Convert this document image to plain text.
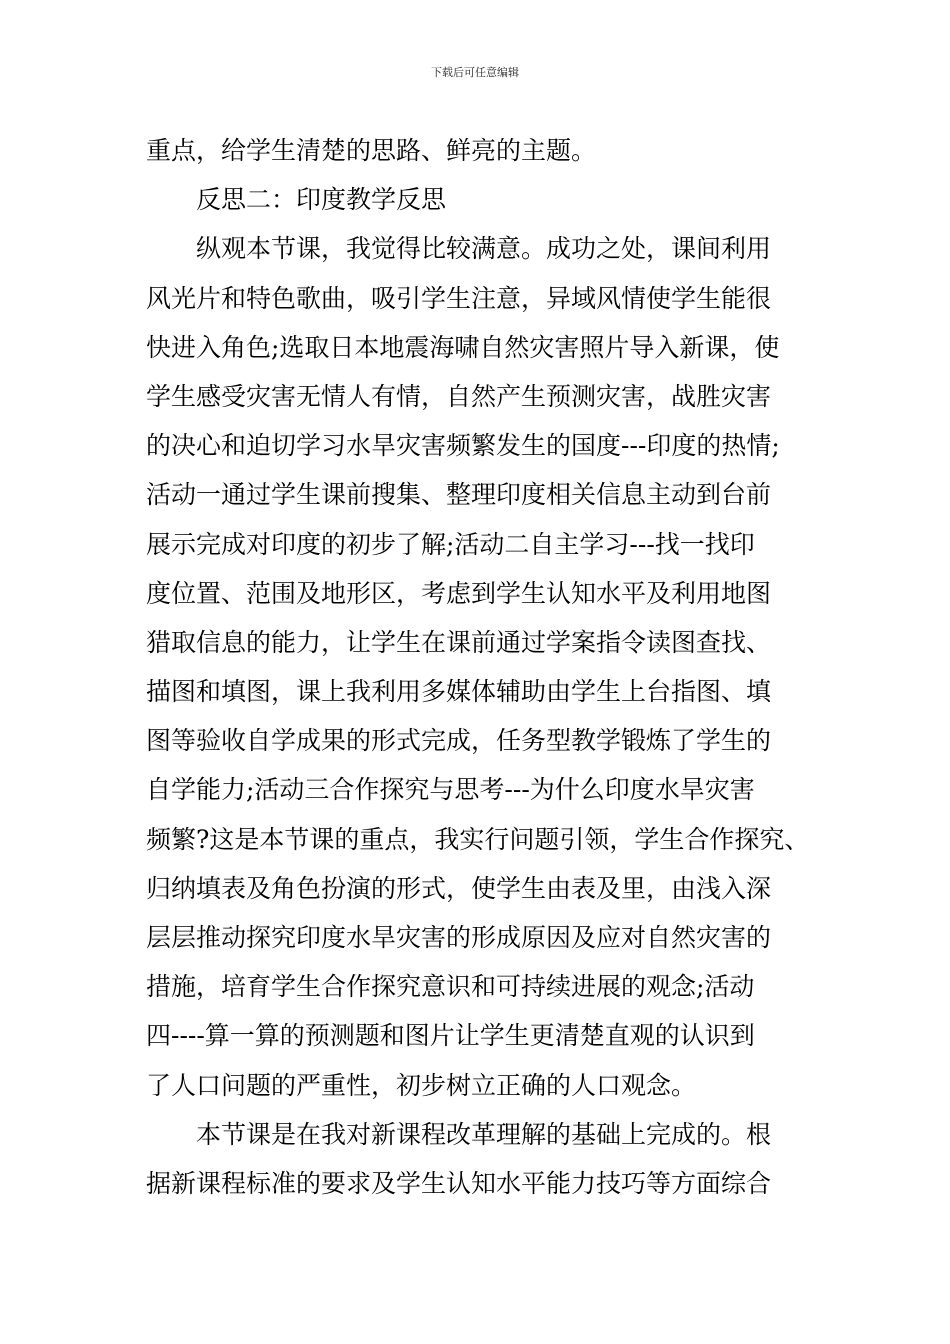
下载后可任意编辑
重点，给学生清楚的思路、鲜亮的主题。
反思二：印度教学反思
纵观本节课，我觉得比较满意。成功之处，课间利用
风光片和特色歌曲，吸引学生注意，异域风情使学生能很
快进入角色;选取日本地震海啸自然灾害照片导入新课，使
学生感受灾害无情人有情，自然产生预测灾害，战胜灾害
的决心和迫切学习水旱灾害频繁发生的国度---印度的热情;
活动一通过学生课前搜集、整理印度相关信息主动到台前
展示完成对印度的初步了解;活动二自主学习---找一找印
度位置、范围及地形区，考虑到学生认知水平及利用地图
猎取信息的能力，让学生在课前通过学案指令读图查找、
描图和填图，课上我利用多媒体辅助由学生上台指图、填
图等验收自学成果的形式完成，任务型教学锻炼了学生的
自学能力;活动三合作探究与思考---为什么印度水旱灾害
频繁?这是本节课的重点，我实行问题引领，学生合作探究、
归纳填表及角色扮演的形式，使学生由表及里，由浅入深
层层推动探究印度水旱灾害的形成原因及应对自然灾害的
措施，培育学生合作探究意识和可持续进展的观念;活动
四----算一算的预测题和图片让学生更清楚直观的认识到
了人口问题的严重性，初步树立正确的人口观念。
本节课是在我对新课程改革理解的基础上完成的。根
据新课程标准的要求及学生认知水平能力技巧等方面综合
